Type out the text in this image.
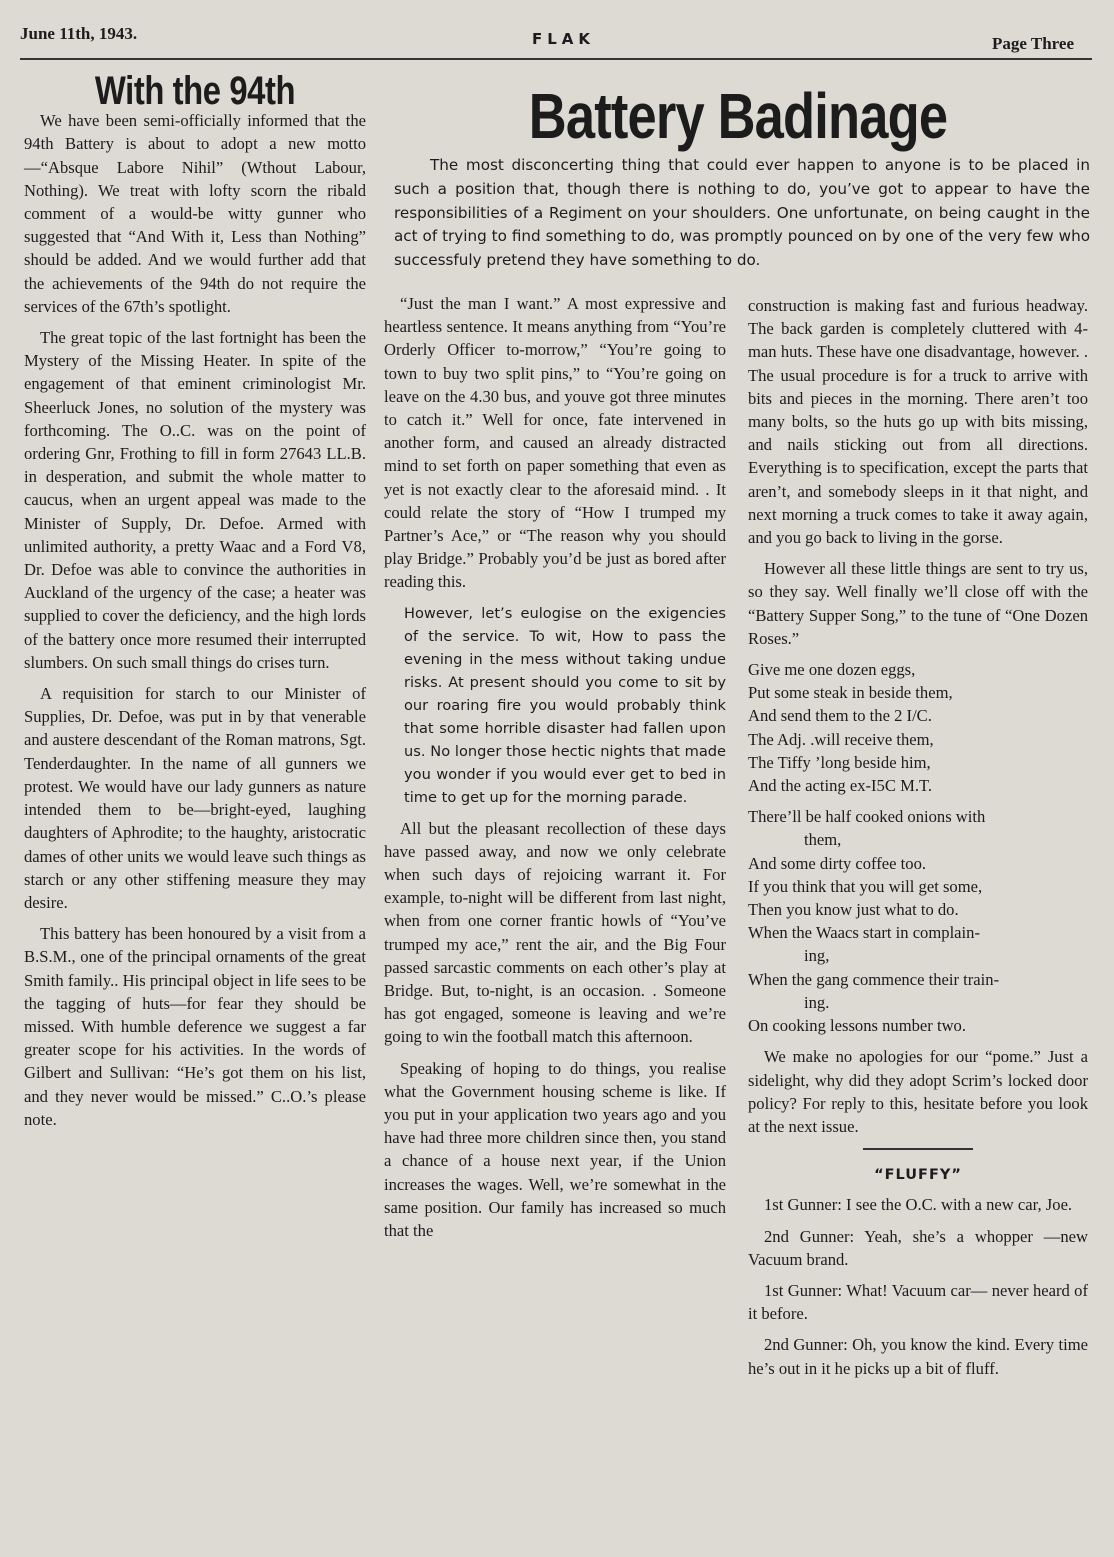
June 11th, 1943.	FLAK	Page Three
With the 94th

We have been semi-officially informed that the 94th Battery is about to adopt a new motto—“Absque Labore Nihil” (Wthout Labour, Nothing). We treat with lofty scorn the ribald comment of a would-be witty gunner who suggested that “And With it, Less than Nothing” should be added. And we would further add that the achievements of the 94th do not require the services of the 67th’s spotlight.

The great topic of the last fortnight has been the Mystery of the Missing Heater. In spite of the engagement of that eminent criminologist Mr. Sheerluck Jones, no solution of the mystery was forthcoming. The O..C. was on the point of ordering Gnr, Frothing to fill in form 27643 LL.B. in desperation, and submit the whole matter to caucus, when an urgent appeal was made to the Minister of Supply, Dr. Defoe. Armed with unlimited authority, a pretty Waac and a Ford V8, Dr. Defoe was able to convince the authorities in Auckland of the urgency of the case; a heater was supplied to cover the deficiency, and the high lords of the battery once more resumed their interrupted slumbers. On such small things do crises turn.

A requisition for starch to our Minister of Supplies, Dr. Defoe, was put in by that venerable and austere descendant of the Roman matrons, Sgt. Tenderdaughter. In the name of all gunners we protest. We would have our lady gunners as nature intended them to be—bright-eyed, laughing daughters of Aphrodite; to the haughty, aristocratic dames of other units we would leave such things as starch or any other stiffening measure they may desire.

This battery has been honoured by a visit from a B.S.M., one of the principal ornaments of the great Smith family.. His principal object in life sees to be the tagging of huts—for fear they should be missed. With humble deference we suggest a far greater scope for his activities. In the words of Gilbert and Sullivan: “He’s got them on his list, and they never would be missed.” C..O.’s please note.

Battery Badinage

The most disconcerting thing that could ever happen to anyone is to be placed in such a position that, though there is nothing to do, you’ve got to appear to have the responsibilities of a Regiment on your shoulders. One unfortunate, on being caught in the act of trying to find something to do, was promptly pounced on by one of the very few who successfuly pretend they have something to do.

“Just the man I want.” A most expressive and heartless sentence. It means anything from “You’re Orderly Officer to-morrow,” “You’re going to town to buy two split pins,” to “You’re going on leave on the 4.30 bus, and youve got three minutes to catch it.” Well for once, fate intervened in another form, and caused an already distracted mind to set forth on paper something that even as yet is not exactly clear to the aforesaid mind. . It could relate the story of “How I trumped my Partner’s Ace,” or “The reason why you should play Bridge.” Probably you’d be just as bored after reading this.

However, let’s eulogise on the exigencies of the service. To wit, How to pass the evening in the mess without taking undue risks. At present should you come to sit by our roaring fire you would probably think that some horrible disaster had fallen upon us. No longer those hectic nights that made you wonder if you would ever get to bed in time to get up for the morning parade.

All but the pleasant recollection of these days have passed away, and now we only celebrate when such days of rejoicing warrant it. For example, to-night will be different from last night, when from one corner frantic howls of “You’ve trumped my ace,” rent the air, and the Big Four passed sarcastic comments on each other’s play at Bridge. But, to-night, is an occasion. . Someone has got engaged, someone is leaving and we’re going to win the football match this afternoon.

Speaking of hoping to do things, you realise what the Government housing scheme is like. If you put in your application two years ago and you have had three more children since then, you stand a chance of a house next year, if the Union increases the wages. Well, we’re somewhat in the same position. Our family has increased so much that the

construction is making fast and furious headway. The back garden is completely cluttered with 4-man huts. These have one disadvantage, however. . The usual procedure is for a truck to arrive with bits and pieces in the morning. There aren’t too many bolts, so the huts go up with bits missing, and nails sticking out from all directions. Everything is to specification, except the parts that aren’t, and somebody sleeps in it that night, and next morning a truck comes to take it away again, and you go back to living in the gorse.

However all these little things are sent to try us, so they say. Well finally we’ll close off with the “Battery Supper Song,” to the tune of “One Dozen Roses.”

Give me one dozen eggs,
Put some steak in beside them,
And send them to the 2 I/C.
The Adj. .will receive them,
The Tiffy ’long beside him,
And the acting ex-I5C M.T.
There’ll be half cooked onions with
them,
And some dirty coffee too.
If you think that you will get some,
Then you know just what to do.
When the Waacs start in complain-
ing,
When the gang commence their train-
ing.
On cooking lessons number two.

We make no apologies for our “pome.” Just a sidelight, why did they adopt Scrim’s locked door policy? For reply to this, hesitate before you look at the next issue.

“FLUFFY”

1st Gunner: I see the O.C. with a new car, Joe.

2nd Gunner: Yeah, she’s a whopper —new Vacuum brand.

1st Gunner: What! Vacuum car— never heard of it before.

2nd Gunner: Oh, you know the kind. Every time he’s out in it he picks up a bit of fluff.
